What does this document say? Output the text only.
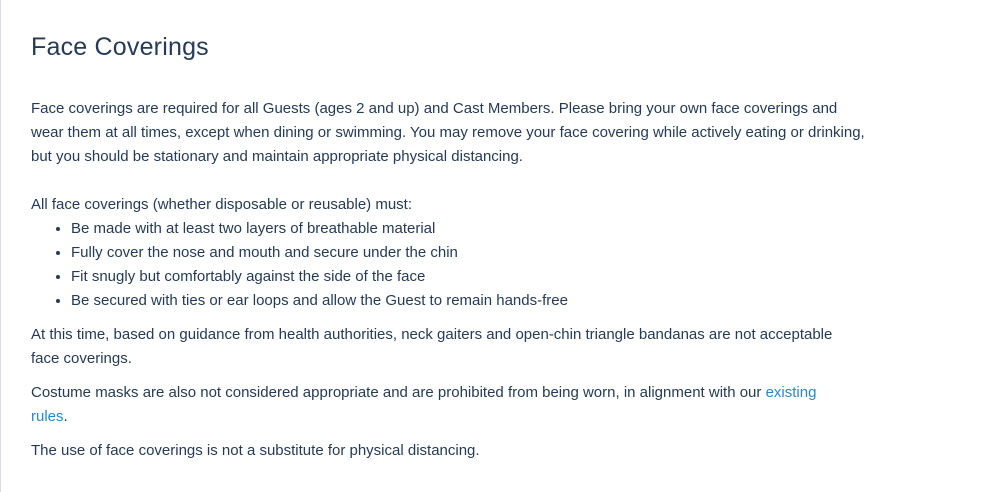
Face Coverings

Face coverings are required for all Guests (ages 2 and up) and Cast Members. Please bring your own face coverings and wear them at all times, except when dining or swimming. You may remove your face covering while actively eating or drinking, but you should be stationary and maintain appropriate physical distancing.

All face coverings (whether disposable or reusable) must:

• Be made with at least two layers of breathable material
• Fully cover the nose and mouth and secure under the chin
• Fit snugly but comfortably against the side of the face
• Be secured with ties or ear loops and allow the Guest to remain hands-free

At this time, based on guidance from health authorities, neck gaiters and open-chin triangle bandanas are not acceptable face coverings.

Costume masks are also not considered appropriate and are prohibited from being worn, in alignment with our existing rules.

The use of face coverings is not a substitute for physical distancing.
